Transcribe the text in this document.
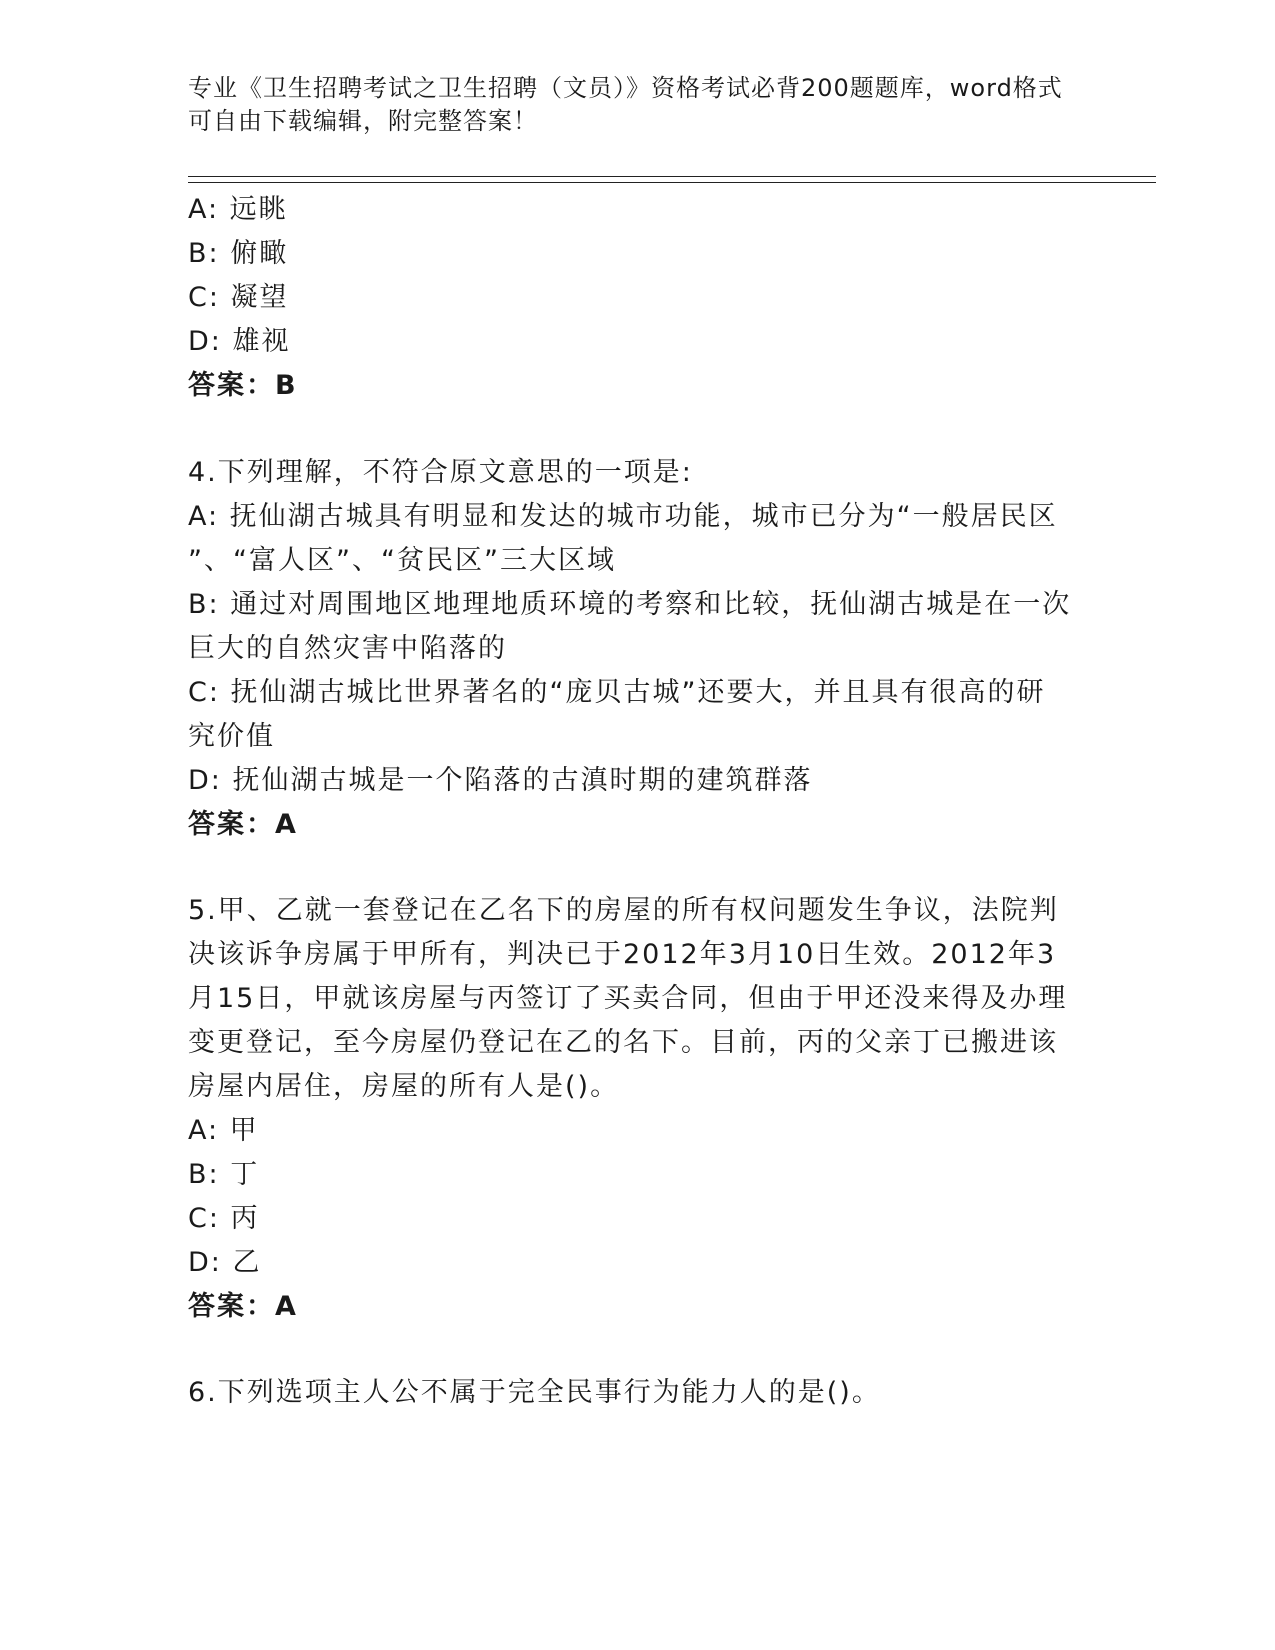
专业《卫生招聘考试之卫生招聘（文员）》资格考试必背200题题库，word格式
可自由下载编辑，附完整答案！
A: 远眺
B: 俯瞰
C: 凝望
D: 雄视
答案：B
4.下列理解，不符合原文意思的一项是:
A: 抚仙湖古城具有明显和发达的城市功能，城市已分为“一般居民区
”、“富人区”、“贫民区”三大区域
B: 通过对周围地区地理地质环境的考察和比较，抚仙湖古城是在一次
巨大的自然灾害中陷落的
C: 抚仙湖古城比世界著名的“庞贝古城”还要大，并且具有很高的研
究价值
D: 抚仙湖古城是一个陷落的古滇时期的建筑群落
答案：A
5.甲、乙就一套登记在乙名下的房屋的所有权问题发生争议，法院判
决该诉争房属于甲所有，判决已于2012年3月10日生效。2012年3
月15日，甲就该房屋与丙签订了买卖合同，但由于甲还没来得及办理
变更登记，至今房屋仍登记在乙的名下。目前，丙的父亲丁已搬进该
房屋内居住，房屋的所有人是()。
A: 甲
B: 丁
C: 丙
D: 乙
答案：A
6.下列选项主人公不属于完全民事行为能力人的是()。
